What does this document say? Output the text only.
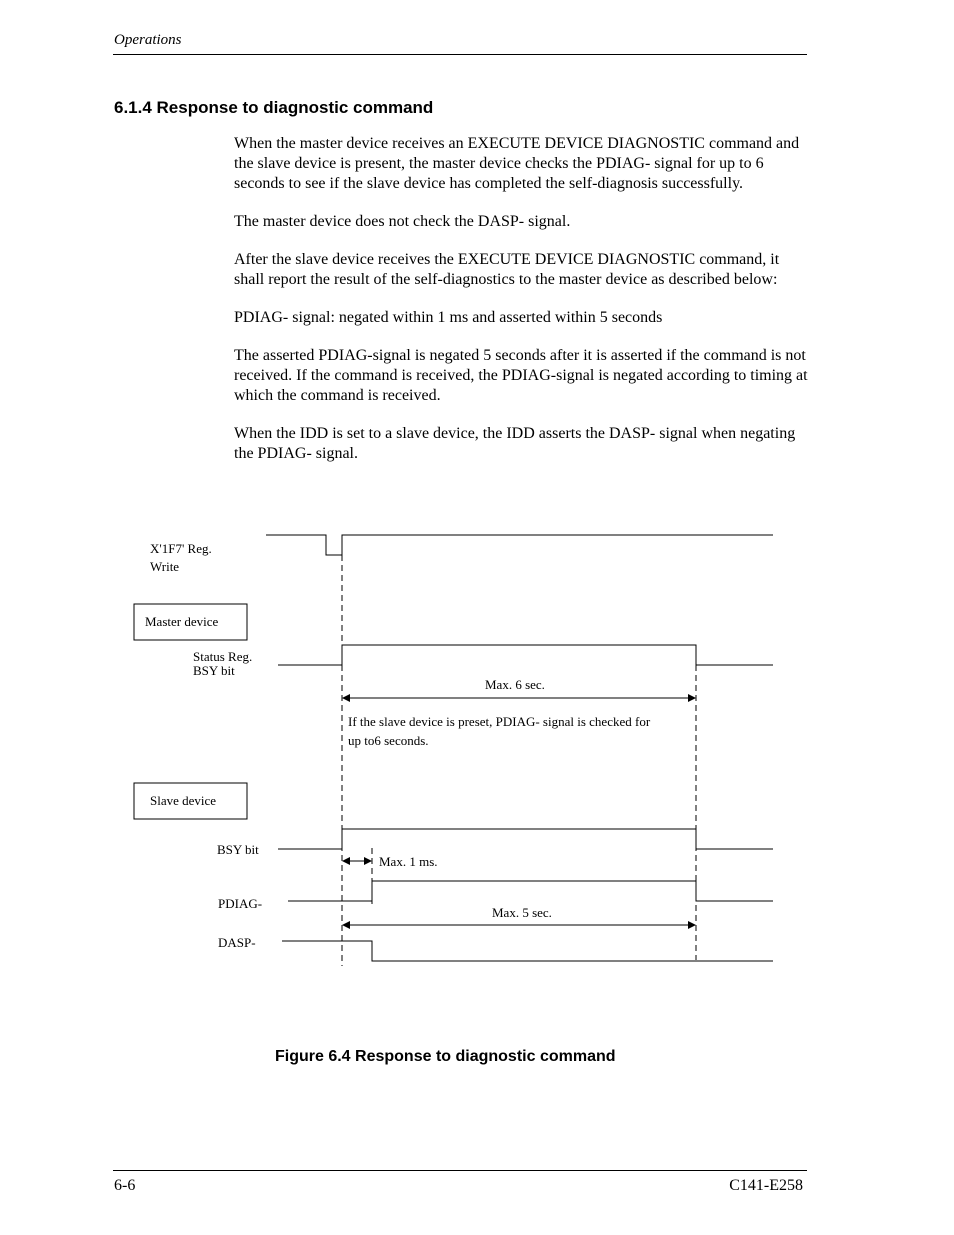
Operations
6.1.4 Response to diagnostic command

When the master device receives an EXECUTE DEVICE DIAGNOSTIC command and the slave device is present, the master device checks the PDIAG- signal for up to 6 seconds to see if the slave device has completed the self-diagnosis successfully.

The master device does not check the DASP- signal.

After the slave device receives the EXECUTE DEVICE DIAGNOSTIC command, it shall report the result of the self-diagnostics to the master device as described below:

PDIAG- signal: negated within 1 ms and asserted within 5 seconds

The asserted PDIAG-signal is negated 5 seconds after it is asserted if the command is not received. If the command is received, the PDIAG-signal is negated according to timing at which the command is received.

When the IDD is set to a slave device, the IDD asserts the DASP- signal when negating the PDIAG- signal.

X'1F7' Reg.
Write
Master device
Status Reg.
BSY bit
Max. 6 sec.
If the slave device is preset, PDIAG- signal is checked for
up to6 seconds.
Slave device
BSY bit
Max. 1 ms.
PDIAG-
Max. 5 sec.
DASP-
Figure 6.4 Response to diagnostic command
6-6	C141-E258
